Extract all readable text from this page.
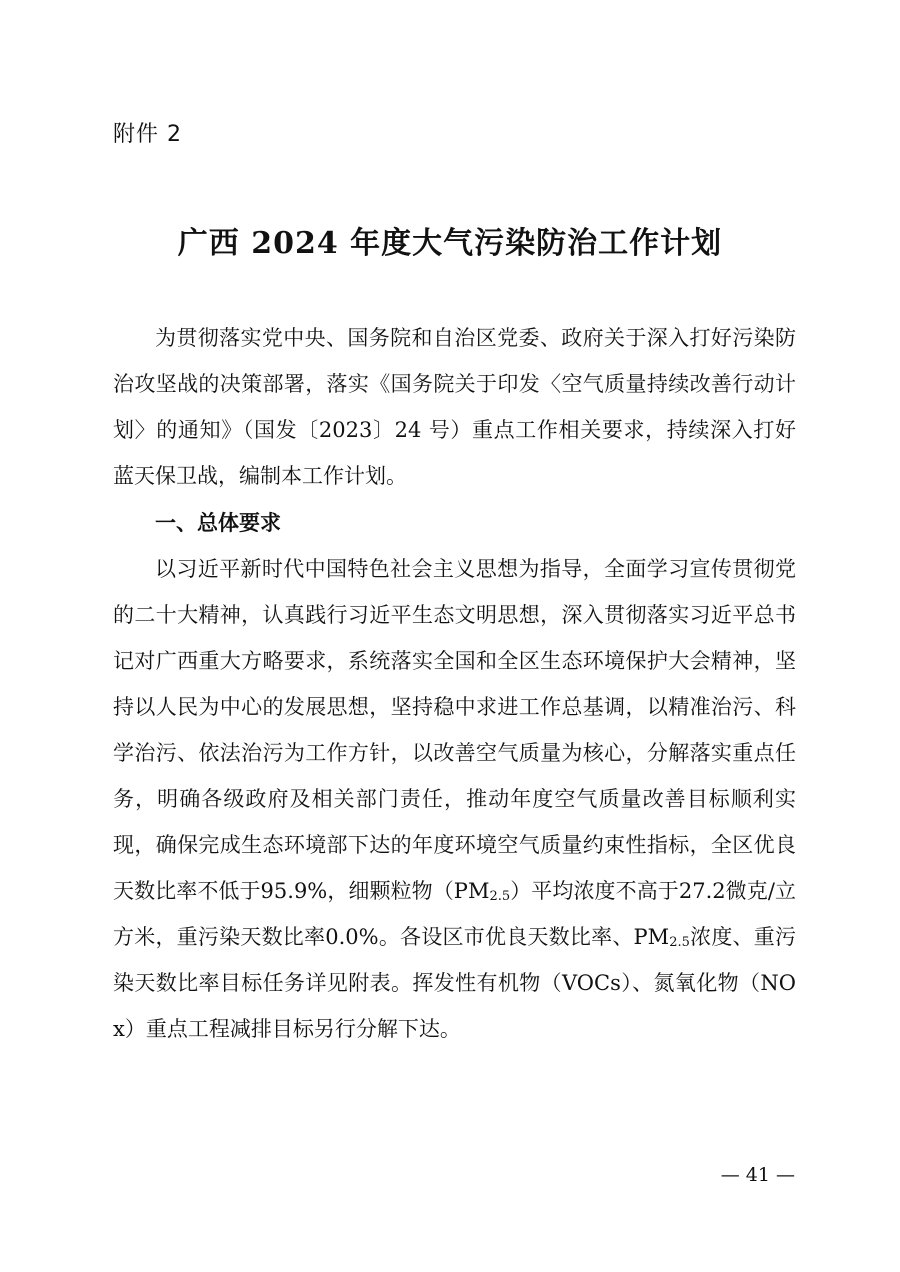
附件 2
广西 2024 年度大气污染防治工作计划

为贯彻落实党中央、国务院和自治区党委、政府关于深入打好污染防治攻坚战的决策部署，落实《国务院关于印发〈空气质量持续改善行动计划〉的通知》（国发〔2023〕24 号）重点工作相关要求，持续深入打好蓝天保卫战，编制本工作计划。

一、总体要求

以习近平新时代中国特色社会主义思想为指导，全面学习宣传贯彻党的二十大精神，认真践行习近平生态文明思想，深入贯彻落实习近平总书记对广西重大方略要求，系统落实全国和全区生态环境保护大会精神，坚持以人民为中心的发展思想，坚持稳中求进工作总基调，以精准治污、科学治污、依法治污为工作方针，以改善空气质量为核心，分解落实重点任务，明确各级政府及相关部门责任，推动年度空气质量改善目标顺利实现，确保完成生态环境部下达的年度环境空气质量约束性指标，全区优良天数比率不低于95.9%，细颗粒物$(PM_{2.5})$平均浓度不高于27.2微克/立方米，重污染天数比率0.0%。各设区市优良天数比率、$PM_{2.5}$浓度、重污染天数比率目标任务详见附表。挥发性有机物（VOCs）、氮氧化物（NOx）重点工程减排目标另行分解下达。

— 41 —
